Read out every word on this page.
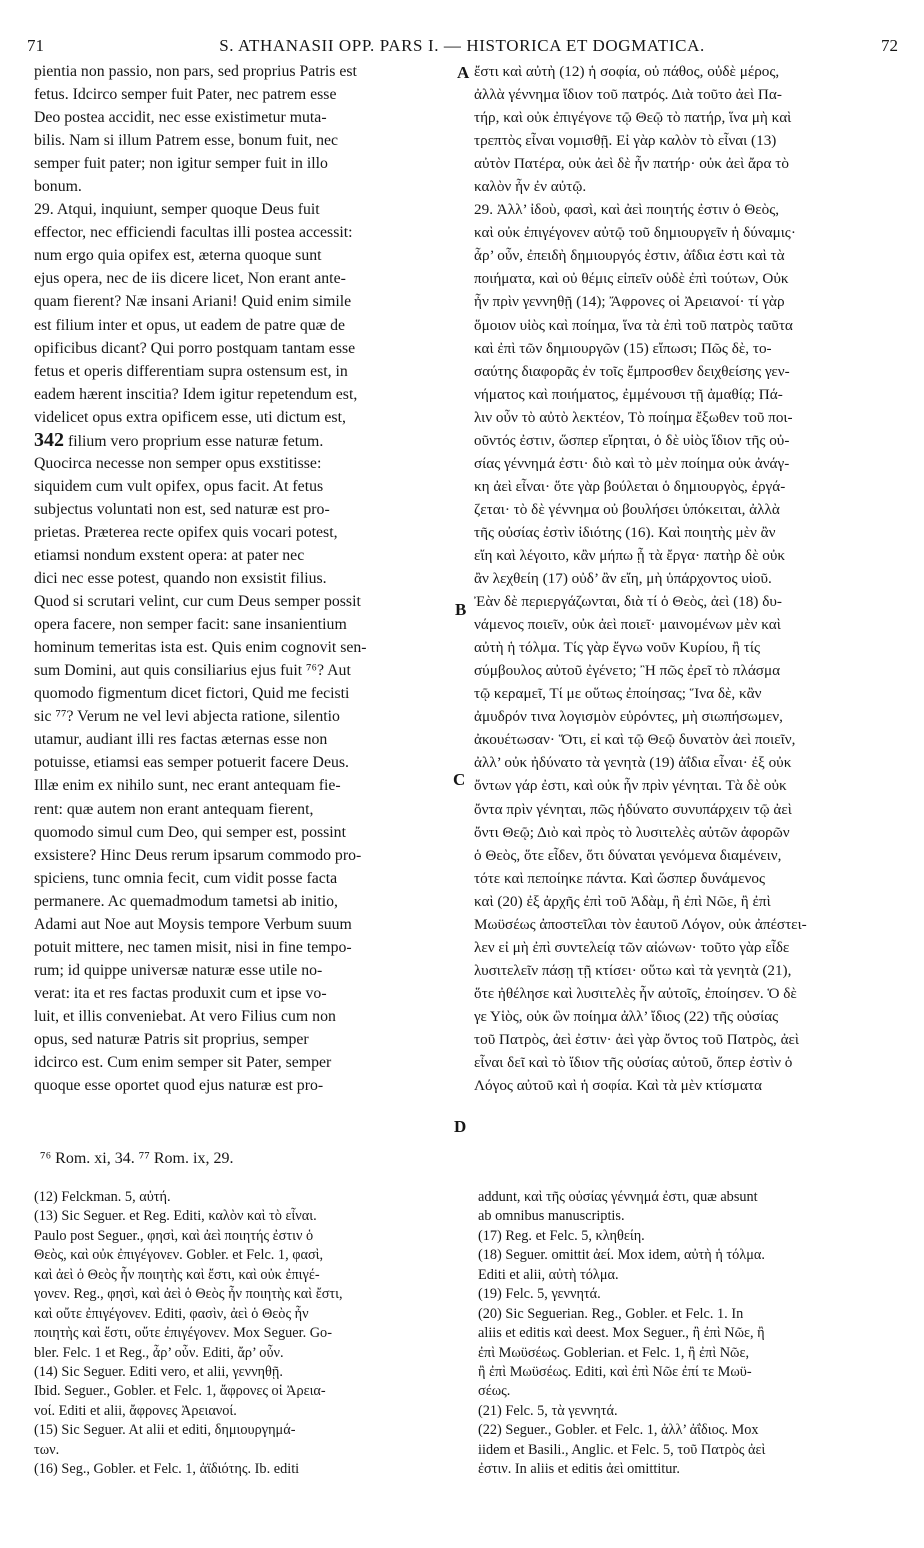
71	S. ATHANASII OPP. PARS I. — HISTORICA ET DOGMATICA.	72
pientia non passio, non pars, sed proprius Patris est
fetus. Idcirco semper fuit Pater, nec patrem esse
Deo postea accidit, nec esse existimetur muta-
bilis. Nam si illum Patrem esse, bonum fuit, nec
semper fuit pater; non igitur semper fuit in illo
bonum.
29. Atqui, inquiunt, semper quoque Deus fuit
effector, nec efficiendi facultas illi postea accessit:
num ergo quia opifex est, æterna quoque sunt
ejus opera, nec de iis dicere licet, Non erant ante-
quam fierent? Næ insani Ariani! Quid enim simile
est filium inter et opus, ut eadem de patre quæ de
opificibus dicant? Qui porro postquam tantam esse
fetus et operis differentiam supra ostensum est, in
eadem hærent inscitia? Idem igitur repetendum est,
videlicet opus extra opificem esse, uti dictum est,
342 filium vero proprium esse naturæ fetum.
Quocirca necesse non semper opus exstitisse:
siquidem cum vult opifex, opus facit. At fetus
subjectus voluntati non est, sed naturæ est pro-
prietas. Præterea recte opifex quis vocari potest,
etiamsi nondum exstent opera: at pater nec
dici nec esse potest, quando non exsistit filius.
Quod si scrutari velint, cur cum Deus semper possit
opera facere, non semper facit: sane insanientium
hominum temeritas ista est. Quis enim cognovit sen-
sum Domini, aut quis consiliarius ejus fuit ⁷⁶? Aut
quomodo figmentum dicet fictori, Quid me fecisti
sic ⁷⁷? Verum ne vel levi abjecta ratione, silentio
utamur, audiant illi res factas æternas esse non
potuisse, etiamsi eas semper potuerit facere Deus.
Illæ enim ex nihilo sunt, nec erant antequam fie-
rent: quæ autem non erant antequam fierent,
quomodo simul cum Deo, qui semper est, possint
exsistere? Hinc Deus rerum ipsarum commodo pro-
spiciens, tunc omnia fecit, cum vidit posse facta
permanere. Ac quemadmodum tametsi ab initio,
Adami aut Noe aut Moysis tempore Verbum suum
potuit mittere, nec tamen misit, nisi in fine tempo-
rum; id quippe universæ naturæ esse utile no-
verat: ita et res factas produxit cum et ipse vo-
luit, et illis conveniebat. At vero Filius cum non
opus, sed naturæ Patris sit proprius, semper
idcirco est. Cum enim semper sit Pater, semper
quoque esse oportet quod ejus naturæ est pro-
ἔστι καὶ αὐτὴ (12) ἡ σοφία, οὐ πάθος, οὐδὲ μέρος,
ἀλλὰ γέννημα ἴδιον τοῦ πατρός. Διὰ τοῦτο ἀεὶ Πα-
τήρ, καὶ οὐκ ἐπιγέγονε τῷ Θεῷ τὸ πατήρ, ἵνα μὴ καὶ
τρεπτὸς εἶναι νομισθῇ. Εἰ γὰρ καλὸν τὸ εἶναι (13)
αὐτὸν Πατέρα, οὐκ ἀεὶ δὲ ἦν πατήρ· οὐκ ἀεὶ ἄρα τὸ
καλὸν ἦν ἐν αὐτῷ.
29. Ἀλλ’ ἰδοὺ, φασὶ, καὶ ἀεὶ ποιητής ἐστιν ὁ Θεὸς,
καὶ οὐκ ἐπιγέγονεν αὐτῷ τοῦ δημιουργεῖν ἡ δύναμις·
ἆρ’ οὖν, ἐπειδὴ δημιουργός ἐστιν, ἀΐδια ἐστι καὶ τὰ
ποιήματα, καὶ οὐ θέμις εἰπεῖν οὐδὲ ἐπὶ τούτων, Οὐκ
ἦν πρὶν γεννηθῇ (14); Ἄφρονες οἱ Ἀρειανοί· τί γὰρ
ὅμοιον υἱὸς καὶ ποίημα, ἵνα τὰ ἐπὶ τοῦ πατρὸς ταῦτα
καὶ ἐπὶ τῶν δημιουργῶν (15) εἴπωσι; Πῶς δὲ, το-
σαύτης διαφορᾶς ἐν τοῖς ἔμπροσθεν δειχθείσης γεν-
νήματος καὶ ποιήματος, ἐμμένουσι τῇ ἀμαθίᾳ; Πά-
λιν οὖν τὸ αὐτὸ λεκτέον, Τὸ ποίημα ἔξωθεν τοῦ ποι-
οῦντός ἐστιν, ὥσπερ εἴρηται, ὁ δὲ υἱὸς ἴδιον τῆς οὐ-
σίας γέννημά ἐστι· διὸ καὶ τὸ μὲν ποίημα οὐκ ἀνάγ-
κη ἀεὶ εἶναι· ὅτε γὰρ βούλεται ὁ δημιουργὸς, ἐργά-
ζεται· τὸ δὲ γέννημα οὐ βουλήσει ὑπόκειται, ἀλλὰ
τῆς οὐσίας ἐστὶν ἰδιότης (16). Καὶ ποιητὴς μὲν ἂν
εἴη καὶ λέγοιτο, κἂν μήπω ᾖ τὰ ἔργα· πατὴρ δὲ οὐκ
ἂν λεχθείη (17) οὐδ’ ἂν εἴη, μὴ ὑπάρχοντος υἱοῦ.
Ἐὰν δὲ περιεργάζωνται, διὰ τί ὁ Θεὸς, ἀεὶ (18) δυ-
νάμενος ποιεῖν, οὐκ ἀεὶ ποιεῖ· μαινομένων μὲν καὶ
αὐτὴ ἡ τόλμα. Τίς γὰρ ἔγνω νοῦν Κυρίου, ἢ τίς
σύμβουλος αὐτοῦ ἐγένετο; Ἢ πῶς ἐρεῖ τὸ πλάσμα
τῷ κεραμεῖ, Τί με οὕτως ἐποίησας; Ἵνα δὲ, κἂν
ἀμυδρόν τινα λογισμὸν εὑρόντες, μὴ σιωπήσωμεν,
ἀκουέτωσαν· Ὅτι, εἰ καὶ τῷ Θεῷ δυνατὸν ἀεὶ ποιεῖν,
ἀλλ’ οὐκ ἠδύνατο τὰ γενητὰ (19) ἀΐδια εἶναι· ἐξ οὐκ
ὄντων γάρ ἐστι, καὶ οὐκ ἦν πρὶν γένηται. Τὰ δὲ οὐκ
ὄντα πρὶν γένηται, πῶς ἠδύνατο συνυπάρχειν τῷ ἀεὶ
ὄντι Θεῷ; Διὸ καὶ πρὸς τὸ λυσιτελὲς αὐτῶν ἀφορῶν
ὁ Θεὸς, ὅτε εἶδεν, ὅτι δύναται γενόμενα διαμένειν,
τότε καὶ πεποίηκε πάντα. Καὶ ὥσπερ δυνάμενος
καὶ (20) ἐξ ἀρχῆς ἐπὶ τοῦ Ἀδὰμ, ἢ ἐπὶ Νῶε, ἢ ἐπὶ
Μωϋσέως ἀποστεῖλαι τὸν ἑαυτοῦ Λόγον, οὐκ ἀπέστει-
λεν εἰ μὴ ἐπὶ συντελείᾳ τῶν αἰώνων· τοῦτο γὰρ εἶδε
λυσιτελεῖν πάσῃ τῇ κτίσει· οὕτω καὶ τὰ γενητὰ (21),
ὅτε ἠθέλησε καὶ λυσιτελὲς ἦν αὐτοῖς, ἐποίησεν. Ὁ δὲ
γε Υἱὸς, οὐκ ὢν ποίημα ἀλλ’ ἴδιος (22) τῆς οὐσίας
τοῦ Πατρὸς, ἀεὶ ἐστιν· ἀεὶ γὰρ ὄντος τοῦ Πατρὸς, ἀεὶ
εἶναι δεῖ καὶ τὸ ἴδιον τῆς οὐσίας αὐτοῦ, ὅπερ ἐστὶν ὁ
Λόγος αὐτοῦ καὶ ἡ σοφία. Καὶ τὰ μὲν κτίσματα
A
B
C
D
⁷⁶ Rom. xi, 34. ⁷⁷ Rom. ix, 29.
(12) Felckman. 5, αὐτή.
(13) Sic Seguer. et Reg. Editi, καλὸν καὶ τὸ εἶναι.
Paulo post Seguer., φησὶ, καὶ ἀεὶ ποιητής ἐστιν ὁ
Θεὸς, καὶ οὐκ ἐπιγέγονεν. Gobler. et Felc. 1, φασὶ,
καὶ ἀεὶ ὁ Θεὸς ἦν ποιητὴς καὶ ἔστι, καὶ οὐκ ἐπιγέ-
γονεν. Reg., φησὶ, καὶ ἀεὶ ὁ Θεὸς ἦν ποιητὴς καὶ ἔστι,
καὶ οὔτε ἐπιγέγονεν. Editi, φασὶν, ἀεὶ ὁ Θεὸς ἦν
ποιητὴς καὶ ἔστι, οὔτε ἐπιγέγονεν. Mox Seguer. Go-
bler. Felc. 1 et Reg., ἆρ’ οὖν. Editi, ἄρ’ οὖν.
(14) Sic Seguer. Editi vero, et alii, γεννηθῇ.
Ibid. Seguer., Gobler. et Felc. 1, ἄφρονες οἱ Ἀρεια-
νοί. Editi et alii, ἄφρονες Ἀρειανοί.
(15) Sic Seguer. At alii et editi, δημιουργημά-
των.
(16) Seg., Gobler. et Felc. 1, ἀϊδιότης. Ib. editi
addunt, καὶ τῆς οὐσίας γέννημά ἐστι, quæ absunt
ab omnibus manuscriptis.
(17) Reg. et Felc. 5, κληθείη.
(18) Seguer. omittit ἀεί. Mox idem, αὐτὴ ἡ τόλμα.
Editi et alii, αὐτὴ τόλμα.
(19) Felc. 5, γεννητά.
(20) Sic Seguerian. Reg., Gobler. et Felc. 1. In
aliis et editis καὶ deest. Mox Seguer., ἢ ἐπὶ Νῶε, ἢ
ἐπὶ Μωϋσέως. Goblerian. et Felc. 1, ἢ ἐπὶ Νῶε,
ἢ ἐπὶ Μωϋσέως. Editi, καὶ ἐπὶ Νῶε ἐπί τε Μωϋ-
σέως.
(21) Felc. 5, τὰ γεννητά.
(22) Seguer., Gobler. et Felc. 1, ἀλλ’ ἀΐδιος. Mox
iidem et Basili., Anglic. et Felc. 5, τοῦ Πατρὸς ἀεὶ
ἐστιν. In aliis et editis ἀεὶ omittitur.
